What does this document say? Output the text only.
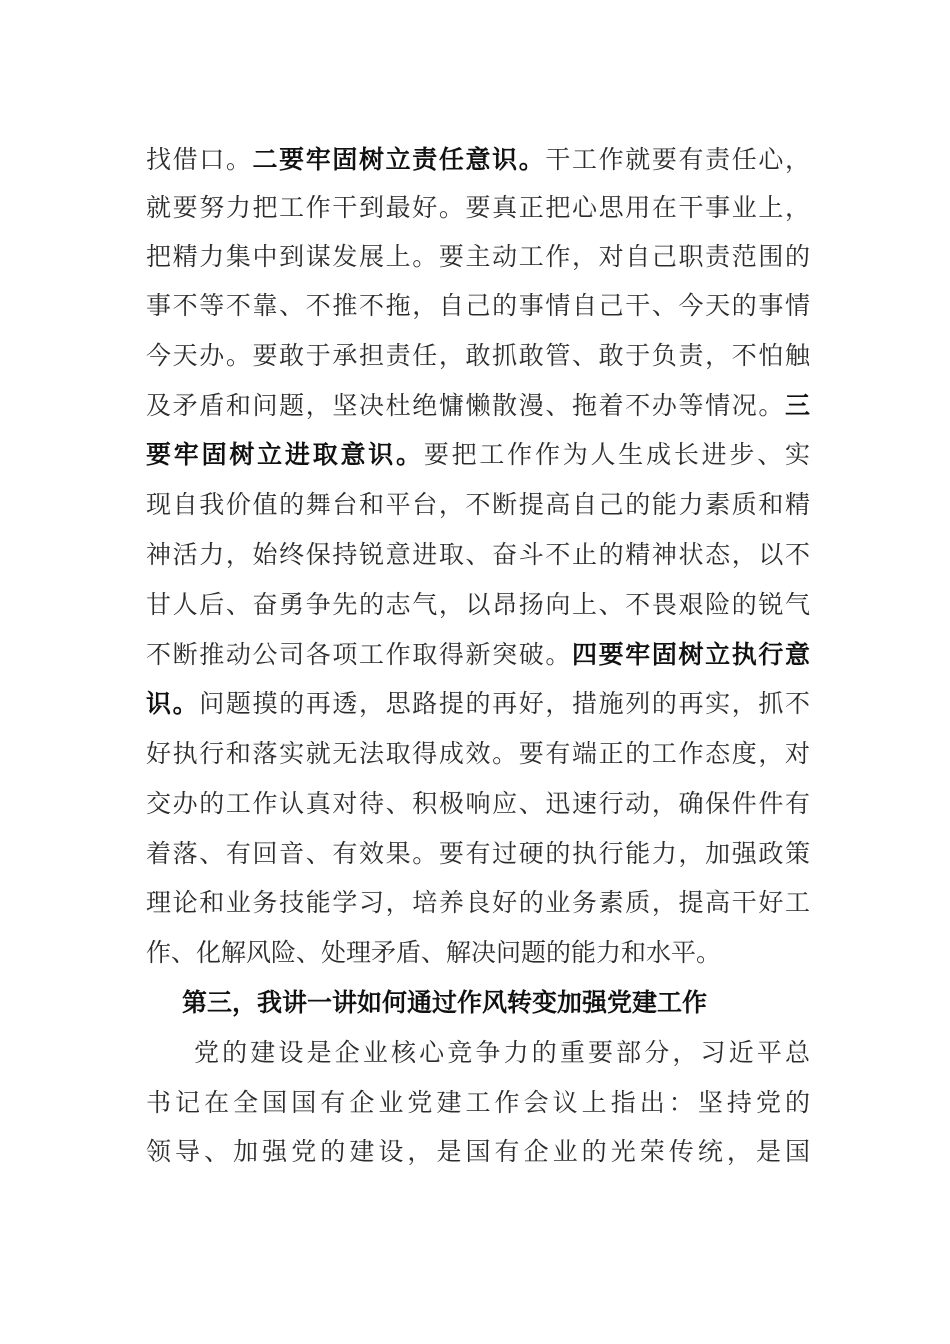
找借口。二要牢固树立责任意识。干工作就要有责任心，
就要努力把工作干到最好。要真正把心思用在干事业上，
把精力集中到谋发展上。要主动工作，对自己职责范围的
事不等不靠、不推不拖，自己的事情自己干、今天的事情
今天办。要敢于承担责任，敢抓敢管、敢于负责，不怕触
及矛盾和问题，坚决杜绝慵懒散漫、拖着不办等情况。三
要牢固树立进取意识。要把工作作为人生成长进步、实
现自我价值的舞台和平台，不断提高自己的能力素质和精
神活力，始终保持锐意进取、奋斗不止的精神状态，以不
甘人后、奋勇争先的志气，以昂扬向上、不畏艰险的锐气
不断推动公司各项工作取得新突破。四要牢固树立执行意
识。问题摸的再透，思路提的再好，措施列的再实，抓不
好执行和落实就无法取得成效。要有端正的工作态度，对
交办的工作认真对待、积极响应、迅速行动，确保件件有
着落、有回音、有效果。要有过硬的执行能力，加强政策
理论和业务技能学习，培养良好的业务素质，提高干好工
作、化解风险、处理矛盾、解决问题的能力和水平。
第三，我讲一讲如何通过作风转变加强党建工作
党的建设是企业核心竞争力的重要部分，习近平总
书记在全国国有企业党建工作会议上指出：坚持党的
领导、加强党的建设，是国有企业的光荣传统，是国
